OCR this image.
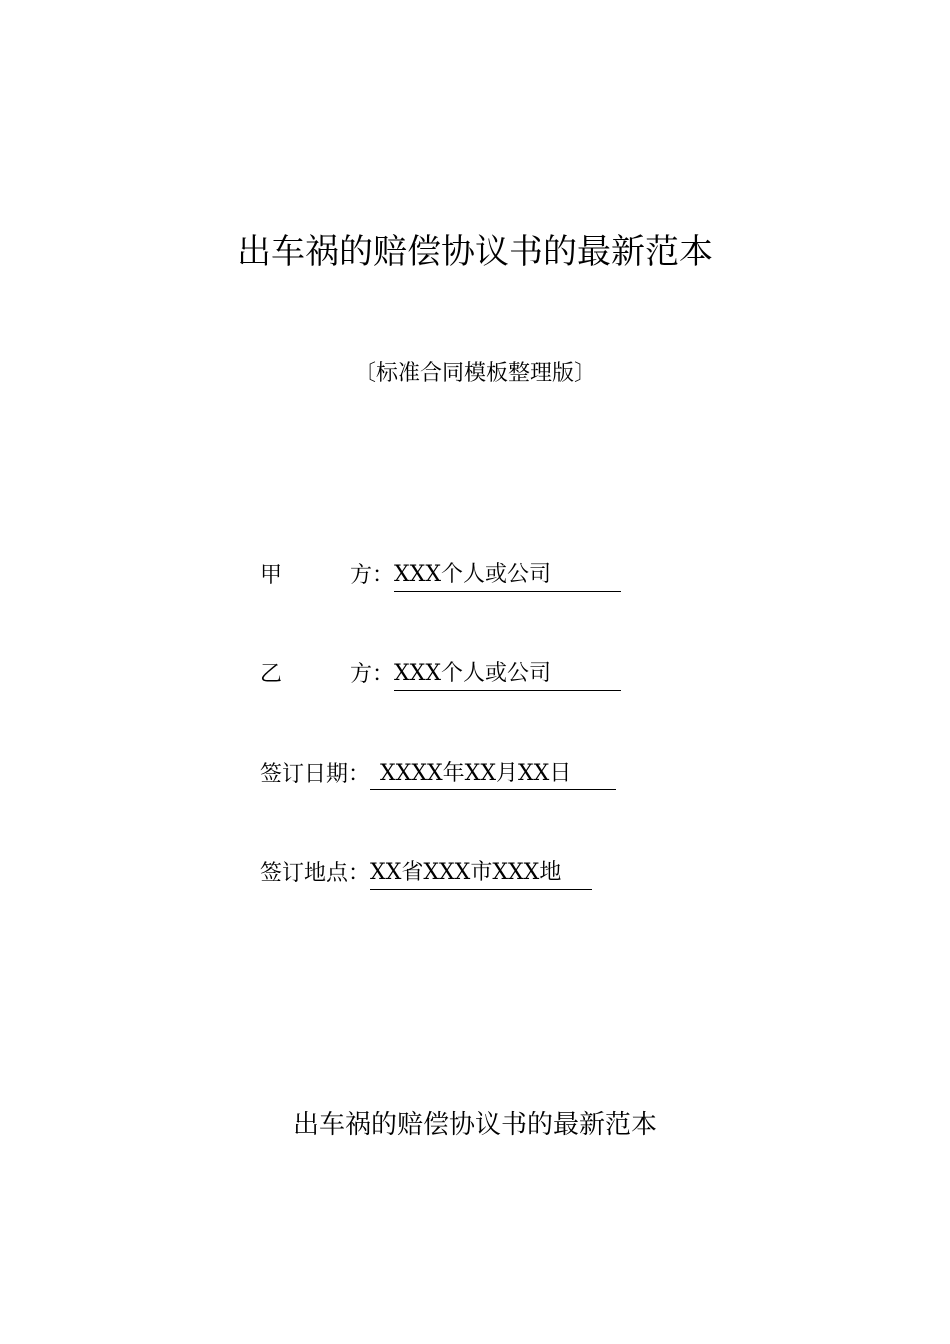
出车祸的赔偿协议书的最新范本
〔标准合同模板整理版〕
甲	方 ：XXX个人或公司
乙	方 ：XXX个人或公司
签订日期： XXXX年XX月XX日
签订地点：XX省XXX市XXX地
出车祸的赔偿协议书的最新范本
